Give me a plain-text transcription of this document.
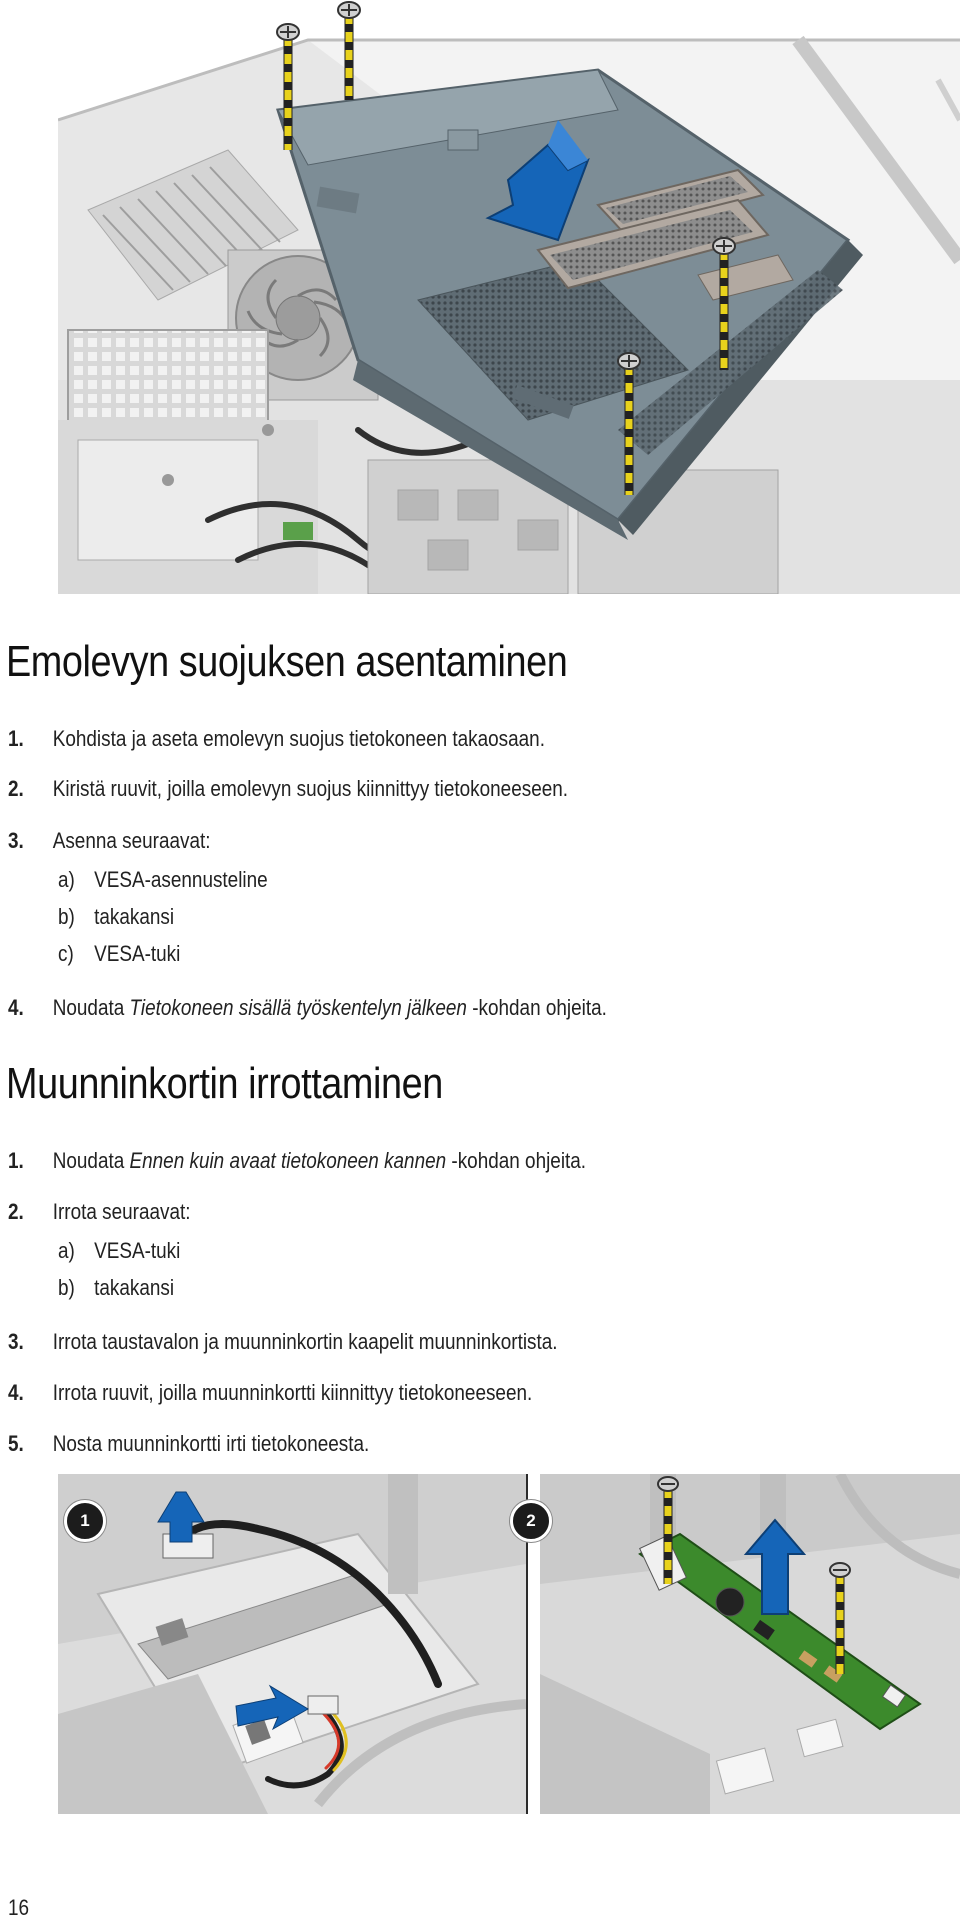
Emolevyn suojuksen asentaminen
1. Kohdista ja aseta emolevyn suojus tietokoneen takaosaan.
2. Kiristä ruuvit, joilla emolevyn suojus kiinnittyy tietokoneeseen.
3. Asenna seuraavat:
a) VESA-asennusteline
b) takakansi
c) VESA-tuki
4. Noudata Tietokoneen sisällä työskentelyn jälkeen -kohdan ohjeita.
Muunninkortin irrottaminen
1. Noudata Ennen kuin avaat tietokoneen kannen -kohdan ohjeita.
2. Irrota seuraavat:
a) VESA-tuki
b) takakansi
3. Irrota taustavalon ja muunninkortin kaapelit muunninkortista.
4. Irrota ruuvit, joilla muunninkortti kiinnittyy tietokoneeseen.
5. Nosta muunninkortti irti tietokoneesta.
1	2
16
